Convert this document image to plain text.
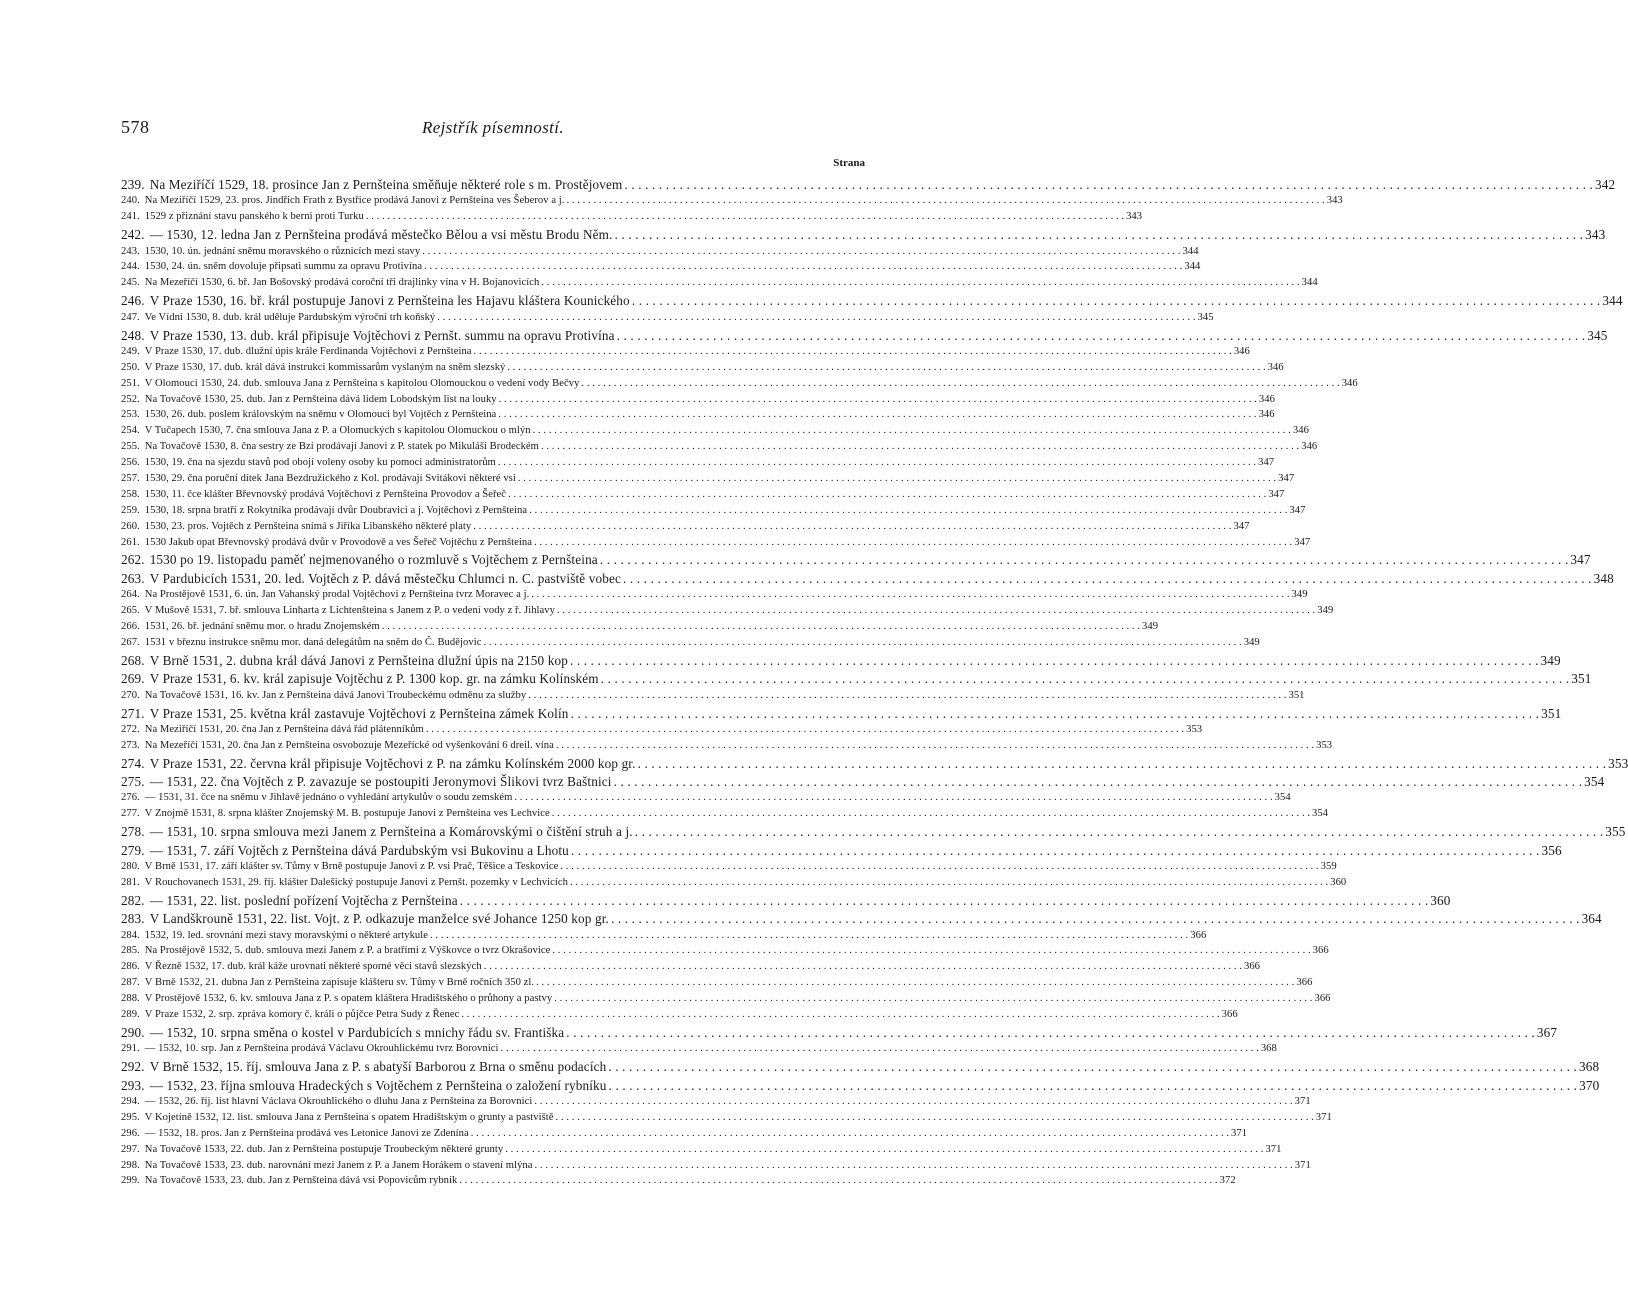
578	Rejstřík písemností.
Strana
239. Na Meziříčí 1529, 18. prosince Jan z Pernšteina směňuje některé role s m. Prostějovem . . .	342
240. Na Meziříčí 1529, 23. pros. Jindřich Frath z Bystřice prodává Janovi z Pernšteina ves Šeberov a j. . . .	343
241. 1529 z přiznání stavu panského k berni proti Turku . . .	343
242. — 1530, 12. ledna Jan z Pernšteina prodává městečko Bělou a vsi městu Brodu Něm. . . .	343
243. 1530, 10. ún. jednání sněmu moravského o různicích mezi stavy . . .	344
244. 1530, 24. ún. sněm dovoluje připsati summu za opravu Protivína . . .	344
245. Na Mezeříčí 1530, 6. bř. Jan Bošovský prodává coroční tři drajlinky vína v H. Bojanovicích . . .	344
246. V Praze 1530, 16. bř. král postupuje Janovi z Pernšteina les Hajavu kláštera Kounického . . .	344
247. Ve Vídni 1530, 8. dub. král uděluje Pardubským výroční trh koňský . . .	345
248. V Praze 1530, 13. dub. král připisuje Vojtěchovi z Pernšt. summu na opravu Protivína . . .	345
249. V Praze 1530, 17. dub. dlužní úpis krále Ferdinanda Vojtěchovi z Pernšteina . . .	346
250. V Praze 1530, 17. dub. král dává instrukci kommissarům vyslaným na sněm slezský . . .	346
251. V Olomouci 1530, 24. dub. smlouva Jana z Pernšteina s kapitolou Olomouckou o vedení vody Bečvy . . .	346
252. Na Tovačově 1530, 25. dub. Jan z Pernšteina dává lidem Lobodským list na louky . . .	346
253. 1530, 26. dub. poslem královským na sněmu v Olomouci byl Vojtěch z Pernšteina . . .	346
254. V Tučapech 1530, 7. čna smlouva Jana z P. a Olomuckých s kapitolou Olomuckou o mlýn . . .	346
255. Na Tovačově 1530, 8. čna sestry ze Bzí prodávají Janovi z P. statek po Mikuláši Brodeckém . . .	346
256. 1530, 19. čna na sjezdu stavů pod obojí voleny osoby ku pomoci administratorům . . .	347
257. 1530, 29. čna poruční dítek Jana Bezdružického z Kol. prodávají Svitákovi některé vsi . . .	347
258. 1530, 11. čce klášter Břevnovský prodává Vojtěchovi z Pernšteina Provodov a Šeřeč . . .	347
259. 1530, 18. srpna bratří z Rokytníka prodávají dvůr Doubravici a j. Vojtěchovi z Pernšteina . . .	347
260. 1530, 23. pros. Vojtěch z Pernšteina snímá s Jiříka Libanského některé platy . . .	347
261. 1530 Jakub opat Břevnovský prodává dvůr v Provodově a ves Šeřeč Vojtěchu z Pernšteina . . .	347
262. 1530 po 19. listopadu paměť nejmenovaného o rozmluvě s Vojtěchem z Pernšteina . . .	347
263. V Pardubicích 1531, 20. led. Vojtěch z P. dává městečku Chlumci n. C. pastviště vobec . . .	348
264. Na Prostějově 1531, 6. ún. Jan Vahanský prodal Vojtěchovi z Pernšteina tvrz Moravec a j. . . .	349
265. V Mušově 1531, 7. bř. smlouva Linharta z Lichtenšteina s Janem z P. o vedení vody z ř. Jihlavy . . .	349
266. 1531, 26. bř. jednání sněmu mor. o hradu Znojemském . . .	349
267. 1531 v březnu instrukce sněmu mor. daná delegátům na sněm do Č. Budějovic . . .	349
268. V Brně 1531, 2. dubna král dává Janovi z Pernšteina dlužní úpis na 2150 kop . . .	349
269. V Praze 1531, 6. kv. král zapisuje Vojtěchu z P. 1300 kop. gr. na zámku Kolínském . . .	351
270. Na Tovačově 1531, 16. kv. Jan z Pernšteina dává Janovi Troubeckému odměnu za služby . . .	351
271. V Praze 1531, 25. května král zastavuje Vojtěchovi z Pernšteina zámek Kolín . . .	351
272. Na Meziříčí 1531, 20. čna Jan z Pernšteina dává řád plátenníkům . . .	353
273. Na Mezeříčí 1531, 20. čna Jan z Pernšteina osvobozuje Mezeřícké od vyšenkování 6 dreil. vína . . .	353
274. V Praze 1531, 22. června král připisuje Vojtěchovi z P. na zámku Kolínském 2000 kop gr. . . .	353
275. — 1531, 22. čna Vojtěch z P. zavazuje se postoupiti Jeronymovi Šlikovi tvrz Baštnici . . .	354
276. — 1531, 31. čce na sněmu v Jihlavě jednáno o vyhledání artykulův o soudu zemském . . .	354
277. V Znojmě 1531, 8. srpna klášter Znojemský M. B. postupuje Janovi z Pernšteina ves Lechvice . . .	354
278. — 1531, 10. srpna smlouva mezi Janem z Pernšteina a Komárovskými o čištění struh a j. . . .	355
279. — 1531, 7. září Vojtěch z Pernšteina dává Pardubským vsi Bukovinu a Lhotu . . .	356
280. V Brně 1531, 17. září klášter sv. Tůmy v Brně postupuje Janovi z P. vsi Prač, Těšice a Teskovice . . .	359
281. V Rouchovanech 1531, 29. říj. klášter Dalešický postupuje Janovi z Pernšt. pozemky v Lechvicích . . .	360
282. — 1531, 22. list. poslední pořízení Vojtěcha z Pernšteina . . .	360
283. V Landškrouně 1531, 22. list. Vojt. z P. odkazuje manželce své Johance 1250 kop gr. . . .	364
284. 1532, 19. led. srovnání mezi stavy moravskými o některé artykule . . .	366
285. Na Prostějově 1532, 5. dub. smlouva mezi Janem z P. a bratřími z Výškovce o tvrz Okrašovice . . .	366
286. V Řezně 1532, 17. dub. král káže urovnati některé sporné věci stavů slezských . . .	366
287. V Brně 1532, 21. dubna Jan z Pernšteina zapisuje klášteru sv. Tůmy v Brně ročních 350 zl. . . .	366
288. V Prostějově 1532, 6. kv. smlouva Jana z P. s opatem kláštera Hradištského o průhony a pastvy . . .	366
289. V Praze 1532, 2. srp. zpráva komory č. králi o půjčce Petra Sudy z Řenec . . .	366
290. — 1532, 10. srpna směna o kostel v Pardubicích s mnichy řádu sv. Františka . . .	367
291. — 1532, 10. srp. Jan z Pernšteina prodává Václavu Okrouhlickému tvrz Borovnici . . .	368
292. V Brně 1532, 15. říj. smlouva Jana z P. s abatyší Barborou z Brna o směnu podacích . . .	368
293. — 1532, 23. října smlouva Hradeckých s Vojtěchem z Pernšteina o založení rybníku . . .	370
294. — 1532, 26. říj. list hlavní Václava Okrouhlického o dluhu Jana z Pernšteina za Borovnici . . .	371
295. V Kojetíně 1532, 12. list. smlouva Jana z Pernšteina s opatem Hradištským o grunty a pastviště . . .	371
296. — 1532, 18. pros. Jan z Pernšteina prodává ves Letonice Janovi ze Zdenína . . .	371
297. Na Tovačově 1533, 22. dub. Jan z Pernšteina postupuje Troubeckým některé grunty . . .	371
298. Na Tovačově 1533, 23. dub. narovnání mezi Janem z P. a Janem Horákem o stavení mlýna . . .	371
299. Na Tovačově 1533, 23. dub. Jan z Pernšteina dává vsi Popovicům rybník . . .	372
